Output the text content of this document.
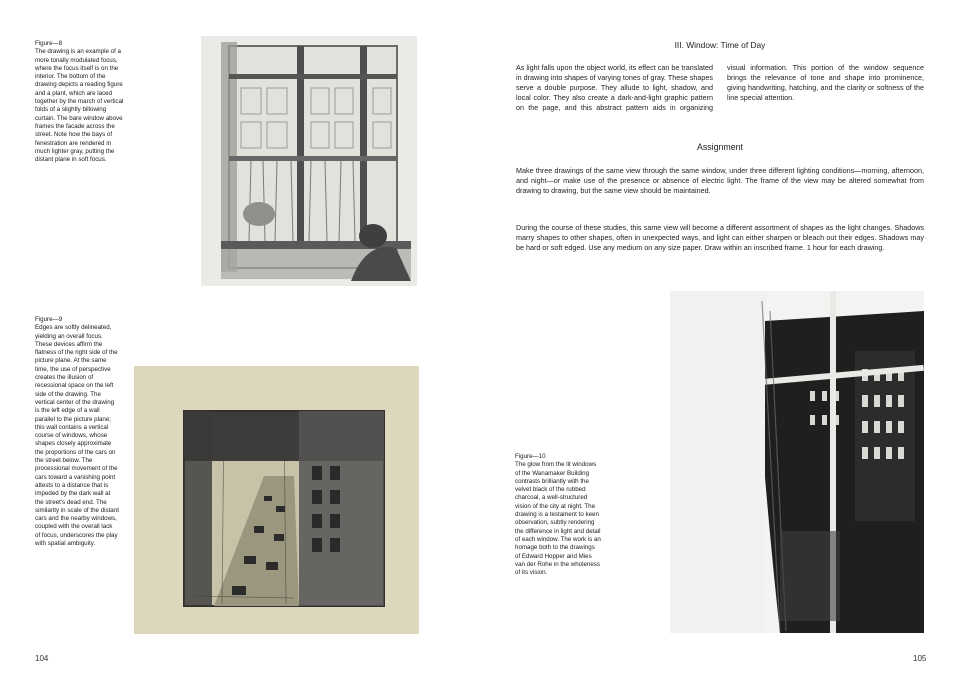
Figure—8
The drawing is an example of a more tonally modulated focus, where the focus itself is on the interior. The bottom of the drawing depicts a reading figure and a plant, which are laced together by the march of vertical folds of a slightly billowing curtain. The bare window above frames the facade across the street. Note how the bays of fenestration are rendered in much lighter gray, putting the distant plane in soft focus.
Figure—9
Edges are softly delineated, yielding an overall focus. These devices affirm the flatness of the right side of the picture plane. At the same time, the use of perspective creates the illusion of recessional space on the left side of the drawing. The vertical center of the drawing is the left edge of a wall parallel to the picture plane; this wall contains a vertical course of windows, whose shapes closely approximate the proportions of the cars on the street below. The processional movement of the cars toward a vanishing point attests to a distance that is impeded by the dark wall at the street’s dead end. The similarity in scale of the distant cars and the nearby windows, coupled with the overall lack of focus, underscores the play with spatial ambiguity.
104
III. Window: Time of Day
As light falls upon the object world, its effect can be translated in drawing into shapes of varying tones of gray. These shapes serve a double purpose. They allude to light, shadow, and local color. They also create a dark-and-light graphic pattern on the page, and this abstract pattern aids in organizing visual information. This portion of the window sequence brings the relevance of tone and shape into prominence, giving handwriting, hatching, and the clarity or softness of the line special attention.
Assignment

Make three drawings of the same view through the same window, under three different lighting conditions—morning, afternoon, and night—or make use of the presence or absence of electric light. The frame of the view may be altered somewhat from drawing to drawing, but the same view should be maintained.

During the course of these studies, this same view will become a different assortment of shapes as the light changes. Shadows marry shapes to other shapes, often in unexpected ways, and light can either sharpen or bleach out their edges. Shadows may be hard or soft edged. Use any medium on any size paper. Draw within an inscribed frame. 1 hour for each drawing.

Figure—10
The glow from the lit windows of the Wanamaker Building contrasts brilliantly with the velvet black of the rubbed charcoal, a well-structured vision of the city at night. The drawing is a testament to keen observation, subtly rendering the difference in light and detail of each window. The work is an homage both to the drawings of Edward Hopper and Mies van der Rohe in the wholeness of its vision.
105
